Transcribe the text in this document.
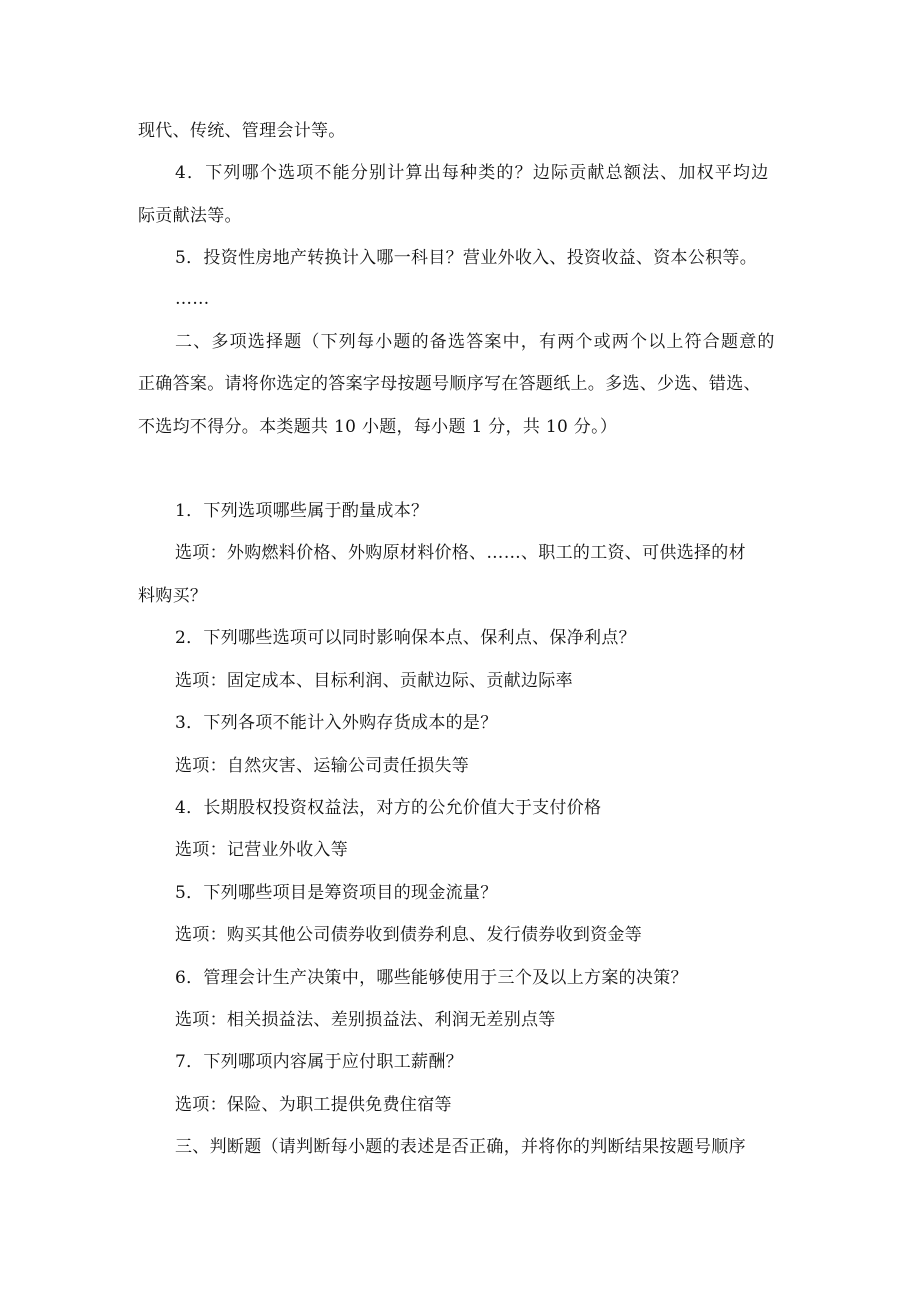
现代、传统、管理会计等。
4．下列哪个选项不能分别计算出每种类的？边际贡献总额法、加权平均边
际贡献法等。
5．投资性房地产转换计入哪一科目？营业外收入、投资收益、资本公积等。
……
二、多项选择题（下列每小题的备选答案中，有两个或两个以上符合题意的
正确答案。请将你选定的答案字母按题号顺序写在答题纸上。多选、少选、错选、
不选均不得分。本类题共 10 小题，每小题 1 分，共 10 分。）
1．下列选项哪些属于酌量成本？
选项：外购燃料价格、外购原材料价格、……、职工的工资、可供选择的材
料购买？
2．下列哪些选项可以同时影响保本点、保利点、保净利点？
选项：固定成本、目标利润、贡献边际、贡献边际率
3．下列各项不能计入外购存货成本的是？
选项：自然灾害、运输公司责任损失等
4．长期股权投资权益法，对方的公允价值大于支付价格
选项：记营业外收入等
5．下列哪些项目是筹资项目的现金流量？
选项：购买其他公司债券收到债券利息、发行债券收到资金等
6．管理会计生产决策中，哪些能够使用于三个及以上方案的决策？
选项：相关损益法、差别损益法、利润无差别点等
7．下列哪项内容属于应付职工薪酬？
选项：保险、为职工提供免费住宿等
三、判断题（请判断每小题的表述是否正确，并将你的判断结果按题号顺序
